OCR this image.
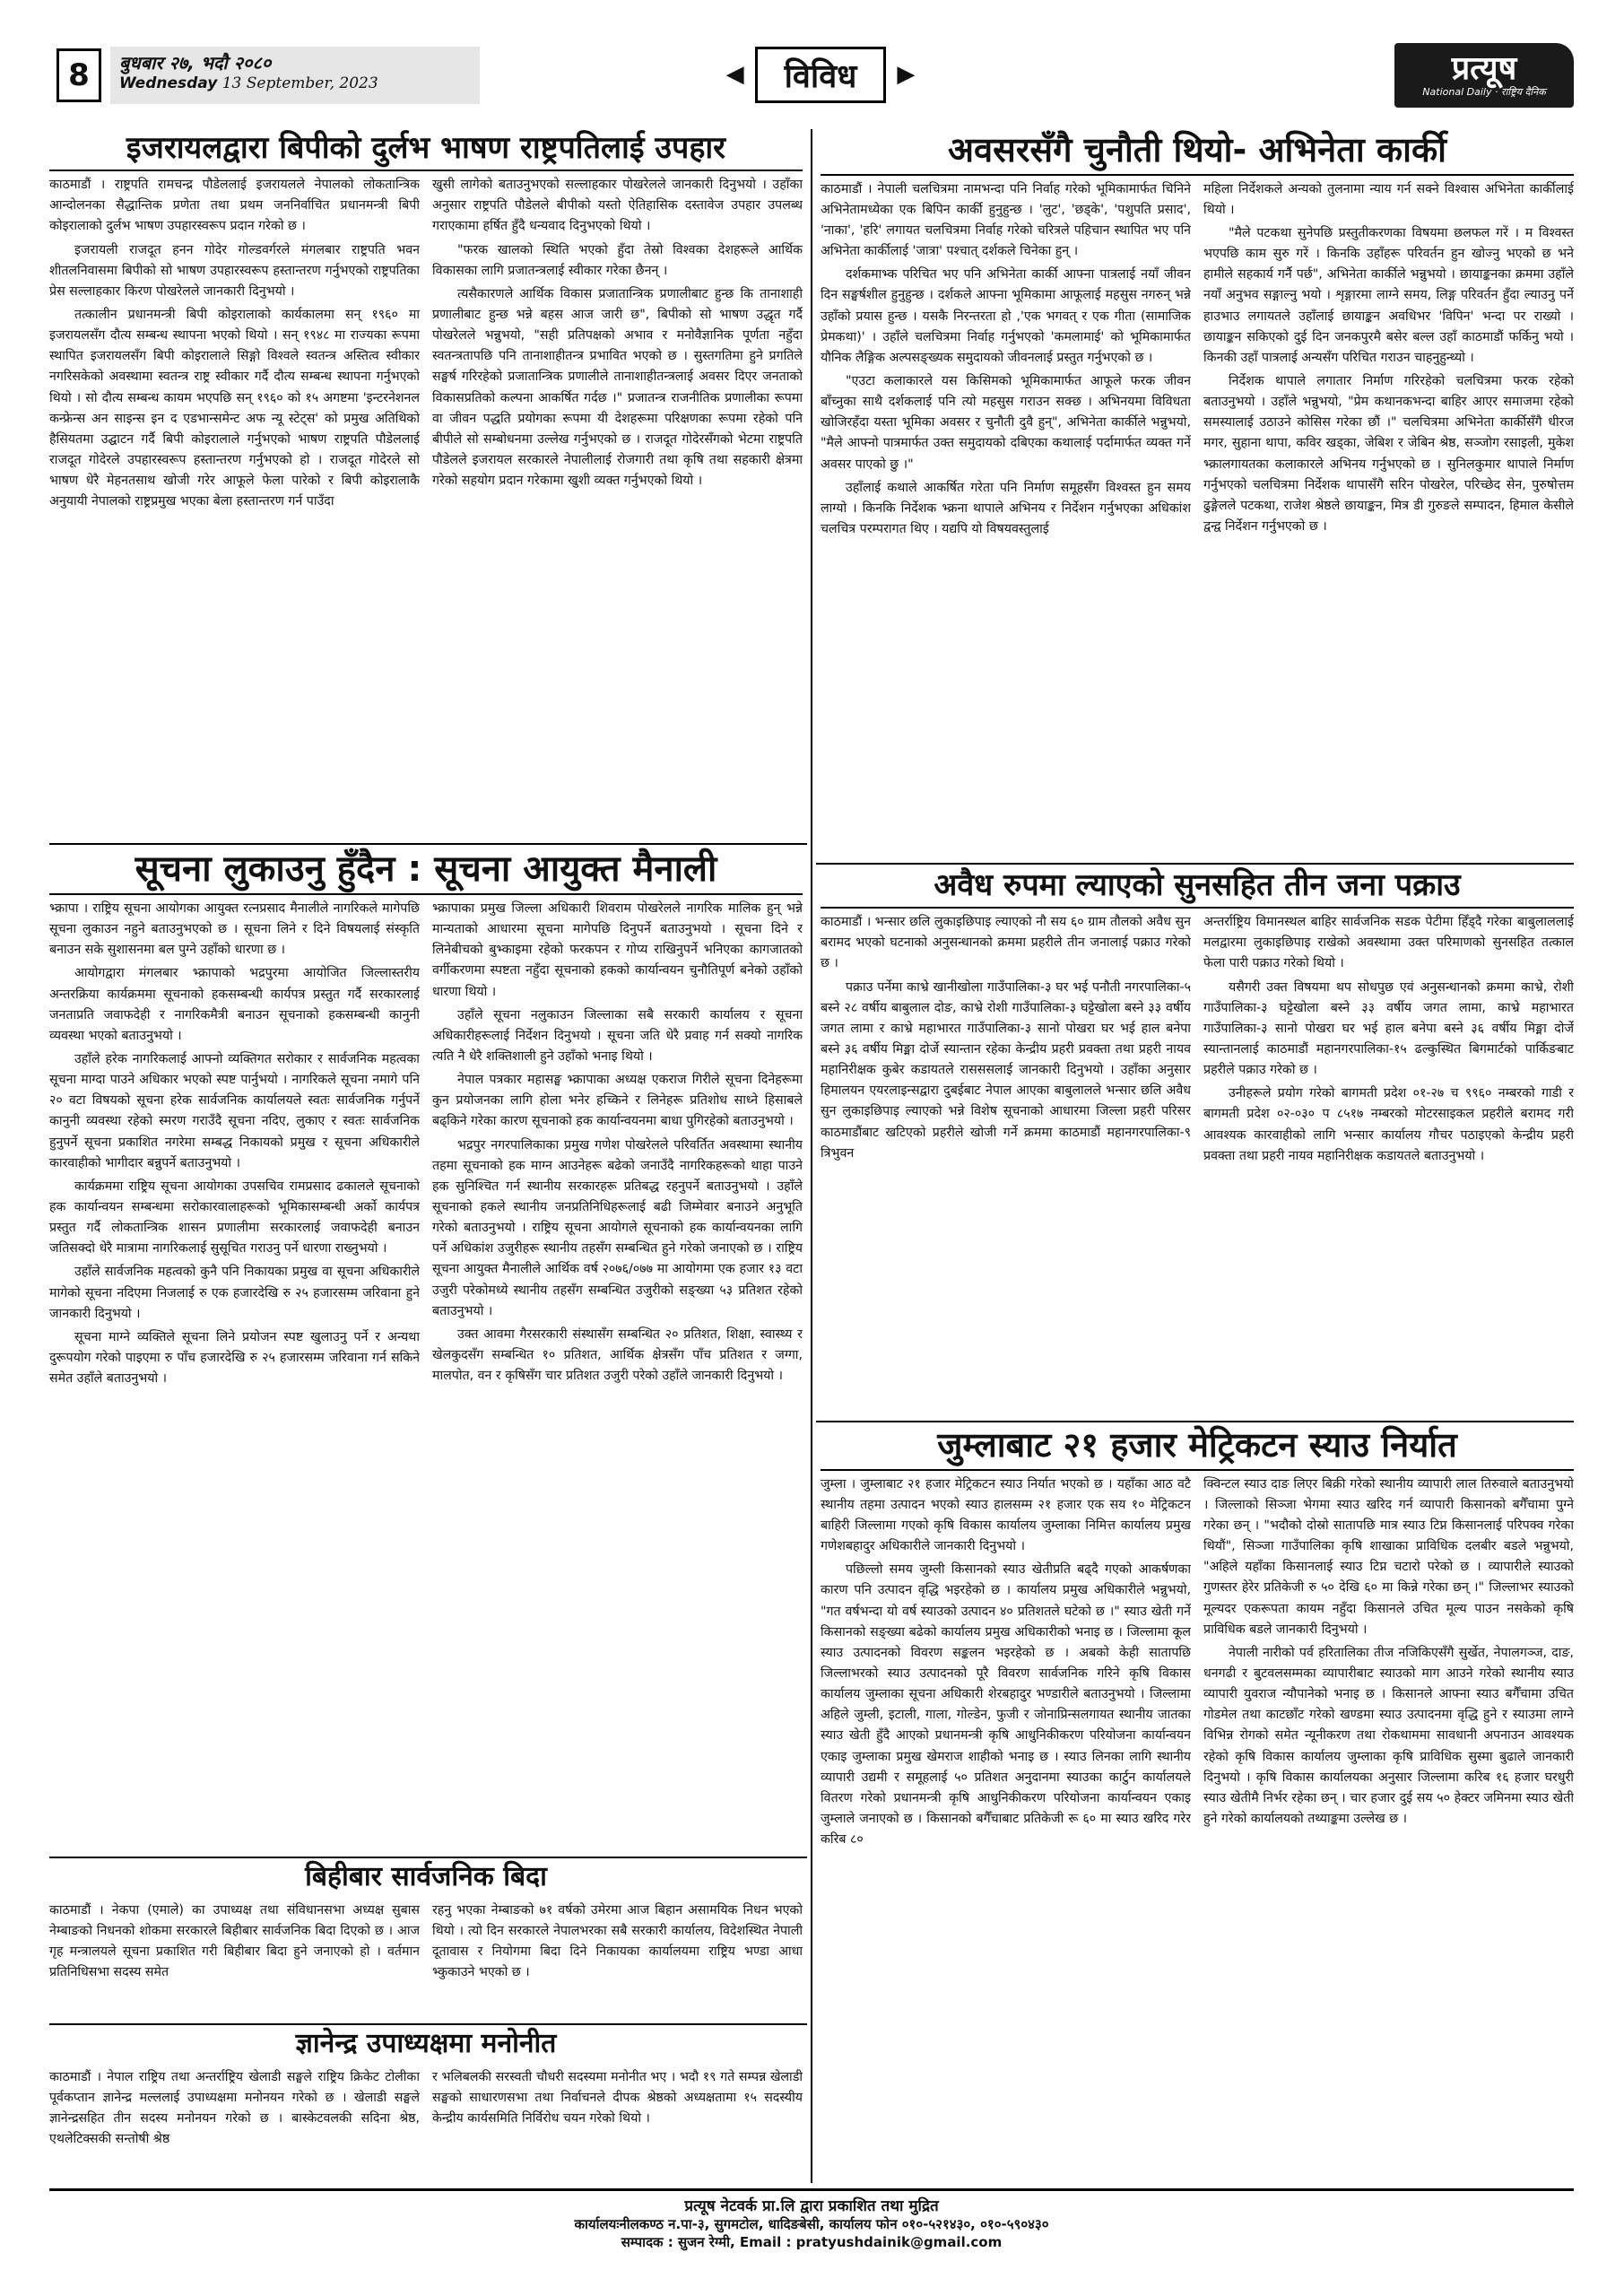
8	बुधबार २७, भदौ २०८०
Wednesday 13 September, 2023	◀	विविध	▶	प्रत्यूष
National Daily · राष्ट्रिय दैनिक
इजरायलद्वारा बिपीको दुर्लभ भाषण राष्ट्रपतिलाई उपहार

काठमाडौं । राष्ट्रपति रामचन्द्र पौडेललाई इजरायलले नेपालको लोकतान्त्रिक आन्दोलनका सैद्धान्तिक प्रणेता तथा प्रथम जननिर्वाचित प्रधानमन्त्री बिपी कोइरालाको दुर्लभ भाषण उपहारस्वरूप प्रदान गरेको छ ।

इजरायली राजदूत हनन गोदेर गोल्डवर्गरले मंगलबार राष्ट्रपति भवन शीतलनिवासमा बिपीको सो भाषण उपहारस्वरूप हस्तान्तरण गर्नुभएको राष्ट्रपतिका प्रेस सल्लाहकार किरण पोखरेलले जानकारी दिनुभयो ।

तत्कालीन प्रधानमन्त्री बिपी कोइरालाको कार्यकालमा सन् १९६० मा इजरायलसँग दौत्य सम्बन्ध स्थापना भएको थियो । सन् १९४८ मा राज्यका रूपमा स्थापित इजरायलसँग बिपी कोइरालाले सिङ्गो विश्वले स्वतन्त्र अस्तित्व स्वीकार नगरिसकेको अवस्थामा स्वतन्त्र राष्ट्र स्वीकार गर्दै दौत्य सम्बन्ध स्थापना गर्नुभएको थियो । सो दौत्य सम्बन्ध कायम भएपछि सन् १९६० को १५ अगष्टमा 'इन्टरनेशनल कन्फ्रेन्स अन साइन्स इन द एडभान्समेन्ट अफ न्यू स्टेट्स' को प्रमुख अतिथिको हैसियतमा उद्घाटन गर्दै बिपी कोइरालाले गर्नुभएको भाषण राष्ट्रपति पौडेललाई राजदूत गोदेरले उपहारस्वरूप हस्तान्तरण गर्नुभएको हो । राजदूत गोदेरले सो भाषण धेरै मेहनतसाथ खोजी गरेर आफूले फेला पारेको र बिपी कोइरालाकै अनुयायी नेपालको राष्ट्रप्रमुख भएका बेला हस्तान्तरण गर्न पाउँदा

खुसी लागेको बताउनुभएको सल्लाहकार पोखरेलले जानकारी दिनुभयो । उहाँका अनुसार राष्ट्रपति पौडेलले बीपीको यस्तो ऐतिहासिक दस्तावेज उपहार उपलब्ध गराएकामा हर्षित हुँदै धन्यवाद दिनुभएको थियो ।

"फरक खालको स्थिति भएको हुँदा तेस्रो विश्वका देशहरूले आर्थिक विकासका लागि प्रजातन्त्रलाई स्वीकार गरेका छैनन् ।

त्यसैकारणले आर्थिक विकास प्रजातान्त्रिक प्रणालीबाट हुन्छ कि तानाशाही प्रणालीबाट हुन्छ भन्ने बहस आज जारी छ", बिपीको सो भाषण उद्धृत गर्दै पोखरेलले भन्नुभयो, "सही प्रतिपक्षको अभाव र मनोवैज्ञानिक पूर्णता नहुँदा स्वतन्त्रतापछि पनि तानाशाहीतन्त्र प्रभावित भएको छ । सुस्तगतिमा हुने प्रगतिले सङ्घर्ष गरिरहेको प्रजातान्त्रिक प्रणालीले तानाशाहीतन्त्रलाई अवसर दिएर जनताको विकासप्रतिको कल्पना आकर्षित गर्दछ ।" प्रजातन्त्र राजनीतिक प्रणालीका रूपमा वा जीवन पद्धति प्रयोगका रूपमा यी देशहरूमा परिक्षणका रूपमा रहेको पनि बीपीले सो सम्बोधनमा उल्लेख गर्नुभएको छ । राजदूत गोदेरसँगको भेटमा राष्ट्रपति पौडेलले इजरायल सरकारले नेपालीलाई रोजगारी तथा कृषि तथा सहकारी क्षेत्रमा गरेको सहयोग प्रदान गरेकामा खुशी व्यक्त गर्नुभएको थियो ।

अवसरसँगै चुनौती थियो- अभिनेता कार्की

काठमाडौं । नेपाली चलचित्रमा नामभन्दा पनि निर्वाह गरेको भूमिकामार्फत चिनिने अभिनेतामध्येका एक बिपिन कार्की हुनुहुन्छ । 'लुट', 'छड्के', 'पशुपति प्रसाद', 'नाका', 'हरि' लगायत चलचित्रमा निर्वाह गरेको चरित्रले पहिचान स्थापित भए पनि अभिनेता कार्कीलाई 'जात्रा' पश्चात् दर्शकले चिनेका हुन् ।

दर्शकमाभ्क परिचित भए पनि अभिनेता कार्की आफ्ना पात्रलाई नयाँ जीवन दिन सङ्घर्षशील हुनुहुन्छ । दर्शकले आफ्ना भूमिकामा आफूलाई महसुस नगरुन् भन्ने उहाँको प्रयास हुन्छ । यसकै निरन्तरता हो ,'एक भगवत् र एक गीता (सामाजिक प्रेमकथा)' । उहाँले चलचित्रमा निर्वाह गर्नुभएको 'कमलामाई' को भूमिकामार्फत यौनिक लैङ्गिक अल्पसङ्ख्यक समुदायको जीवनलाई प्रस्तुत गर्नुभएको छ ।

"एउटा कलाकारले यस किसिमको भूमिकामार्फत आफूले फरक जीवन बाँच्नुका साथै दर्शकलाई पनि त्यो महसुस गराउन सक्छ । अभिनयमा विविधता खोजिरहँदा यस्ता भूमिका अवसर र चुनौती दुवै हुन्", अभिनेता कार्कीले भन्नुभयो, "मैले आफ्नो पात्रमार्फत उक्त समुदायको दबिएका कथालाई पर्दामार्फत व्यक्त गर्ने अवसर पाएको छु ।"

उहाँलाई कथाले आकर्षित गरेता पनि निर्माण समूहसँग विश्वस्त हुन समय लाग्यो । किनकि निर्देशक भ्क्रना थापाले अभिनय र निर्देशन गर्नुभएका अधिकांश चलचित्र परम्परागत थिए । यद्यपि यो विषयवस्तुलाई

महिला निर्देशकले अन्यको तुलनामा न्याय गर्न सक्ने विश्वास अभिनेता कार्कीलाई थियो ।

"मैले पटकथा सुनेपछि प्रस्तुतीकरणका विषयमा छलफल गरें । म विश्वस्त भएपछि काम सुरु गरें । किनकि उहाँहरू परिवर्तन हुन खोज्नु भएको छ भने हामीले सहकार्य गर्नै पर्छ", अभिनेता कार्कीले भन्नुभयो । छायाङ्कनका क्रममा उहाँले नयाँ अनुभव सङ्गाल्नु भयो । शृङ्गारमा लाग्ने समय, लिङ्ग परिवर्तन हुँदा ल्याउनु पर्ने हाउभाउ लगायतले उहाँलाई छायाङ्कन अवधिभर 'विपिन' भन्दा पर राख्यो । छायाङ्कन सकिएको दुई दिन जनकपुरमै बसेर बल्ल उहाँ काठमाडौं फर्किनु भयो । किनकी उहाँ पात्रलाई अन्यसँग परिचित गराउन चाहनुहुन्थ्यो ।

निर्देशक थापाले लगातार निर्माण गरिरहेको चलचित्रमा फरक रहेको बताउनुभयो । उहाँले भन्नुभयो, "प्रेम कथानकभन्दा बाहिर आएर समाजमा रहेको समस्यालाई उठाउने कोसिस गरेका छौं ।" चलचित्रमा अभिनेता कार्कीसँगै धीरज मगर, सुहाना थापा, कविर खड्का, जेबिश र जेबिन श्रेष्ठ, सञ्जोग रसाइली, मुकेश भ्क्रालगायतका कलाकारले अभिनय गर्नुभएको छ । सुनिलकुमार थापाले निर्माण गर्नुभएको चलचित्रमा निर्देशक थापासँगै सरिन पोखरेल, परिच्छेद सेन, पुरुषोत्तम ढुङ्गेलले पटकथा, राजेश श्रेष्ठले छायाङ्कन, मित्र डी गुरुङले सम्पादन, हिमाल केसीले द्वन्द्व निर्देशन गर्नुभएको छ ।

सूचना लुकाउनु हुँदैन : सूचना आयुक्त मैनाली

भ्क्रापा । राष्ट्रिय सूचना आयोगका आयुक्त रत्नप्रसाद मैनालीले नागरिकले मागेपछि सूचना लुकाउन नहुने बताउनुभएको छ । सूचना लिने र दिने विषयलाई संस्कृति बनाउन सके सुशासनमा बल पुग्ने उहाँको धारणा छ ।

आयोगद्वारा मंगलबार भ्क्रापाको भद्रपुरमा आयोजित जिल्लास्तरीय अन्तरक्रिया कार्यक्रममा सूचनाको हकसम्बन्धी कार्यपत्र प्रस्तुत गर्दै सरकारलाई जनताप्रति जवाफदेही र नागरिकमैत्री बनाउन सूचनाको हकसम्बन्धी कानुनी व्यवस्था भएको बताउनुभयो ।

उहाँले हरेक नागरिकलाई आफ्नो व्यक्तिगत सरोकार र सार्वजनिक महत्वका सूचना माग्दा पाउने अधिकार भएको स्पष्ट पार्नुभयो । नागरिकले सूचना नमागे पनि २० वटा विषयको सूचना हरेक सार्वजनिक कार्यालयले स्वतः सार्वजनिक गर्नुपर्ने कानुनी व्यवस्था रहेको स्मरण गराउँदै सूचना नदिए, लुकाए र स्वतः सार्वजनिक हुनुपर्ने सूचना प्रकाशित नगरेमा सम्बद्ध निकायको प्रमुख र सूचना अधिकारीले कारवाहीको भागीदार बन्नुपर्ने बताउनुभयो ।

कार्यक्रममा राष्ट्रिय सूचना आयोगका उपसचिव रामप्रसाद ढकालले सूचनाको हक कार्यान्वयन सम्बन्धमा सरोकारवालाहरूको भूमिकासम्बन्धी अर्को कार्यपत्र प्रस्तुत गर्दै लोकतान्त्रिक शासन प्रणालीमा सरकारलाई जवाफदेही बनाउन जतिसक्दो धेरै मात्रामा नागरिकलाई सुसूचित गराउनु पर्ने धारणा राख्नुभयो ।

उहाँले सार्वजनिक महत्वको कुनै पनि निकायका प्रमुख वा सूचना अधिकारीले मागेको सूचना नदिएमा निजलाई रु एक हजारदेखि रु २५ हजारसम्म जरिवाना हुने जानकारी दिनुभयो ।

सूचना माग्ने व्यक्तिले सूचना लिने प्रयोजन स्पष्ट खुलाउनु पर्ने र अन्यथा दुरूपयोग गरेको पाइएमा रु पाँच हजारदेखि रु २५ हजारसम्म जरिवाना गर्न सकिने समेत उहाँले बताउनुभयो ।

भ्क्रापाका प्रमुख जिल्ला अधिकारी शिवराम पोखरेलले नागरिक मालिक हुन् भन्ने मान्यताको आधारमा सूचना मागेपछि दिनुपर्ने बताउनुभयो । सूचना दिने र लिनेबीचको बुभ्काइमा रहेको फरकपन र गोप्य राखिनुपर्ने भनिएका कागजातको वर्गीकरणमा स्पष्टता नहुँदा सूचनाको हकको कार्यान्वयन चुनौतिपूर्ण बनेको उहाँको धारणा थियो ।

उहाँले सूचना नलुकाउन जिल्लाका सबै सरकारी कार्यालय र सूचना अधिकारीहरूलाई निर्देशन दिनुभयो । सूचना जति धेरै प्रवाह गर्न सक्यो नागरिक त्यति नै धेरै शक्तिशाली हुने उहाँको भनाइ थियो ।

नेपाल पत्रकार महासङ्घ भ्क्रापाका अध्यक्ष एकराज गिरीले सूचना दिनेहरूमा कुन प्रयोजनका लागि होला भनेर हच्किने र लिनेहरू प्रतिशोध साध्ने हिसाबले बढ्किने गरेका कारण सूचनाको हक कार्यान्वयनमा बाधा पुगिरहेको बताउनुभयो ।

भद्रपुर नगरपालिकाका प्रमुख गणेश पोखरेलले परिवर्तित अवस्थामा स्थानीय तहमा सूचनाको हक माग्न आउनेहरू बढेको जनाउँदै नागरिकहरूको थाहा पाउने हक सुनिश्चित गर्न स्थानीय सरकारहरू प्रतिबद्ध रहनुपर्ने बताउनुभयो । उहाँले सूचनाको हकले स्थानीय जनप्रतिनिधिहरूलाई बढी जिम्मेवार बनाउने अनुभूति गरेको बताउनुभयो । राष्ट्रिय सूचना आयोगले सूचनाको हक कार्यान्वयनका लागि पर्ने अधिकांश उजुरीहरू स्थानीय तहसँग सम्बन्धित हुने गरेको जनाएको छ । राष्ट्रिय सूचना आयुक्त मैनालीले आर्थिक वर्ष २०७६/०७७ मा आयोगमा एक हजार १३ वटा उजुरी परेकोमध्ये स्थानीय तहसँग सम्बन्धित उजुरीको सङ्ख्या ५३ प्रतिशत रहेको बताउनुभयो ।

उक्त आवमा गैरसरकारी संस्थासँग सम्बन्धित २० प्रतिशत, शिक्षा, स्वास्थ्य र खेलकुदसँग सम्बन्धित १० प्रतिशत, आर्थिक क्षेत्रसँग पाँच प्रतिशत र जग्गा, मालपोत, वन र कृषिसँग चार प्रतिशत उजुरी परेको उहाँले जानकारी दिनुभयो ।

अवैध रुपमा ल्याएको सुनसहित तीन जना पक्राउ

काठमाडौं । भन्सार छलि लुकाइछिपाइ ल्याएको नौ सय ६० ग्राम तौलको अवैध सुन बरामद भएको घटनाको अनुसन्धानको क्रममा प्रहरीले तीन जनालाई पक्राउ गरेको छ ।

पक्राउ पर्नेमा काभ्रे खानीखोला गाउँपालिका-३ घर भई पनौती नगरपालिका-५ बस्ने २८ वर्षीय बाबुलाल दोङ, काभ्रे रोशी गाउँपालिका-३ घट्टेखोला बस्ने ३३ वर्षीय जगत लामा र काभ्रे महाभारत गाउँपालिका-३ सानो पोखरा घर भई हाल बनेपा बस्ने ३६ वर्षीय मिङ्मा दोर्जे स्यान्तान रहेका केन्द्रीय प्रहरी प्रवक्ता तथा प्रहरी नायव महानिरीक्षक कुबेर कडायतले रासससलाई जानकारी दिनुभयो । उहाँका अनुसार हिमालयन एयरलाइन्सद्वारा दुबईबाट नेपाल आएका बाबुलालले भन्सार छलि अवैध सुन लुकाइछिपाइ ल्याएको भन्ने विशेष सूचनाको आधारमा जिल्ला प्रहरी परिसर काठमाडौंबाट खटिएको प्रहरीले खोजी गर्ने क्रममा काठमाडौं महानगरपालिका-९ त्रिभुवन

अन्तर्राष्ट्रिय विमानस्थल बाहिर सार्वजनिक सडक पेटीमा हिँड्दै गरेका बाबुलाललाई मलद्वारमा लुकाइछिपाइ राखेको अवस्थामा उक्त परिमाणको सुनसहित तत्काल फेला पारी पक्राउ गरेको थियो ।

यसैगरी उक्त विषयमा थप सोधपुछ एवं अनुसन्धानको क्रममा काभ्रे, रोशी गाउँपालिका-३ घट्टेखोला बस्ने ३३ वर्षीय जगत लामा, काभ्रे महाभारत गाउँपालिका-३ सानो पोखरा घर भई हाल बनेपा बस्ने ३६ वर्षीय मिङ्मा दोर्जे स्यान्तानलाई काठमाडौं महानगरपालिका-१५ ढल्कुस्थित बिगमार्टको पार्किङबाट प्रहरीले पक्राउ गरेको छ ।

उनीहरूले प्रयोग गरेको बागमती प्रदेश ०१-२७ च ९९६० नम्बरको गाडी र बागमती प्रदेश ०२-०३० प ८५१७ नम्बरको मोटरसाइकल प्रहरीले बरामद गरी आवश्यक कारवाहीको लागि भन्सार कार्यालय गौचर पठाइएको केन्द्रीय प्रहरी प्रवक्ता तथा प्रहरी नायव महानिरीक्षक कडायतले बताउनुभयो ।

जुम्लाबाट २१ हजार मेट्रिकटन स्याउ निर्यात

जुम्ला । जुम्लाबाट २१ हजार मेट्रिकटन स्याउ निर्यात भएको छ । यहाँका आठ वटै स्थानीय तहमा उत्पादन भएको स्याउ हालसम्म २१ हजार एक सय १० मेट्रिकटन बाहिरी जिल्लामा गएको कृषि विकास कार्यालय जुम्लाका निमित्त कार्यालय प्रमुख गणेशबहादुर अधिकारीले जानकारी दिनुभयो ।

पछिल्लो समय जुम्ली किसानको स्याउ खेतीप्रति बढ्दै गएको आकर्षणका कारण पनि उत्पादन वृद्धि भइरहेको छ । कार्यालय प्रमुख अधिकारीले भन्नुभयो, "गत वर्षभन्दा यो वर्ष स्याउको उत्पादन ४० प्रतिशतले घटेको छ ।" स्याउ खेती गर्ने किसानको सङ्ख्या बढेको कार्यालय प्रमुख अधिकारीको भनाइ छ । जिल्लामा कूल स्याउ उत्पादनको विवरण सङ्कलन भइरहेको छ । अबको केही सातापछि जिल्लाभरको स्याउ उत्पादनको पूरै विवरण सार्वजनिक गरिने कृषि विकास कार्यालय जुम्लाका सूचना अधिकारी शेरबहादुर भण्डारीले बताउनुभयो । जिल्लामा अहिले जुम्ली, इटाली, गाला, गोल्डेन, फुजी र जोनाप्रिन्सलगायत स्थानीय जातका स्याउ खेती हुँदै आएको प्रधानमन्त्री कृषि आधुनिकीकरण परियोजना कार्यान्वयन एकाइ जुम्लाका प्रमुख खेमराज शाहीको भनाइ छ । स्याउ लिनका लागि स्थानीय व्यापारी उद्यमी र समूहलाई ५० प्रतिशत अनुदानमा स्याउका कार्टुन कार्यालयले वितरण गरेको प्रधानमन्त्री कृषि आधुनिकीकरण परियोजना कार्यान्वयन एकाइ जुम्लाले जनाएको छ । किसानको बगैँचाबाट प्रतिकेजी रू ६० मा स्याउ खरिद गरेर करिब ८०

क्विन्टल स्याउ दाङ लिएर बिक्री गरेको स्थानीय व्यापारी लाल तिरुवाले बताउनुभयो । जिल्लाको सिञ्जा भेगमा स्याउ खरिद गर्न व्यापारी किसानको बगैँचामा पुग्ने गरेका छन् । "भदौको दोस्रो सातापछि मात्र स्याउ टिप्न किसानलाई परिपक्व गरेका थियौं", सिञ्जा गाउँपालिका कृषि शाखाका प्राविधिक दलबीर बडले भन्नुभयो, "अहिले यहाँका किसानलाई स्याउ टिप्न चटारो परेको छ । व्यापारीले स्याउको गुणस्तर हेरेर प्रतिकेजी रु ५० देखि ६० मा किन्ने गरेका छन् ।" जिल्लाभर स्याउको मूल्यदर एकरूपता कायम नहुँदा किसानले उचित मूल्य पाउन नसकेको कृषि प्राविधिक बडले जानकारी दिनुभयो ।

नेपाली नारीको पर्व हरितालिका तीज नजिकिएसँगै सुर्खेत, नेपालगञ्ज, दाङ, धनगढी र बुटवलसम्मका व्यापारीबाट स्याउको माग आउने गरेको स्थानीय स्याउ व्यापारी युवराज न्यौपानेको भनाइ छ । किसानले आफ्ना स्याउ बगैँचामा उचित गोडमेल तथा काटछाँट गरेको खण्डमा स्याउ उत्पादनमा वृद्धि हुने र स्याउमा लाग्ने विभिन्न रोगको समेत न्यूनीकरण तथा रोकथाममा सावधानी अपनाउन आवश्यक रहेको कृषि विकास कार्यालय जुम्लाका कृषि प्राविधिक सुस्मा बुढाले जानकारी दिनुभयो । कृषि विकास कार्यालयका अनुसार जिल्लामा करिब १६ हजार घरधुरी स्याउ खेतीमै निर्भर रहेका छन् । चार हजार दुई सय ५० हेक्टर जमिनमा स्याउ खेती हुने गरेको कार्यालयको तथ्याङ्कमा उल्लेख छ ।

बिहीबार सार्वजनिक बिदा

काठमाडौं । नेकपा (एमाले) का उपाध्यक्ष तथा संविधानसभा अध्यक्ष सुबास नेम्बाङको निधनको शोकमा सरकारले बिहीबार सार्वजनिक बिदा दिएको छ । आज गृह मन्त्रालयले सूचना प्रकाशित गरी बिहीबार बिदा हुने जनाएको हो । वर्तमान प्रतिनिधिसभा सदस्य समेत

रहनु भएका नेम्बाङको ७१ वर्षको उमेरमा आज बिहान असामयिक निधन भएको थियो । त्यो दिन सरकारले नेपालभरका सबै सरकारी कार्यालय, विदेशस्थित नेपाली दूतावास र नियोगमा बिदा दिने निकायका कार्यालयमा राष्ट्रिय भण्डा आधा भ्कुकाउने भएको छ ।

ज्ञानेन्द्र उपाध्यक्षमा मनोनीत

काठमाडौं । नेपाल राष्ट्रिय तथा अन्तर्राष्ट्रिय खेलाडी सङ्घले राष्ट्रिय क्रिकेट टोलीका पूर्वकप्तान ज्ञानेन्द्र मल्ललाई उपाध्यक्षमा मनोनयन गरेको छ । खेलाडी सङ्घले ज्ञानेन्द्रसहित तीन सदस्य मनोनयन गरेको छ । बास्केटवलकी सदिना श्रेष्ठ, एथलेटिक्सकी सन्तोषी श्रेष्ठ

र भलिबलकी सरस्वती चौधरी सदस्यमा मनोनीत भए । भदौ १९ गते सम्पन्न खेलाडी सङ्घको साधारणसभा तथा निर्वाचनले दीपक श्रेष्ठको अध्यक्षतामा १५ सदस्यीय केन्द्रीय कार्यसमिति निर्विरोध चयन गरेको थियो ।

प्रत्यूष नेटवर्क प्रा.लि द्वारा प्रकाशित तथा मुद्रित
कार्यालयःनीलकण्ठ न.पा-३, सुगमटोल, धादिङबेसी, कार्यालय फोन ०१०-५२१४३०, ०१०-५९०४३०
सम्पादक : सुजन रेग्मी, Email : pratyushdainik@gmail.com
